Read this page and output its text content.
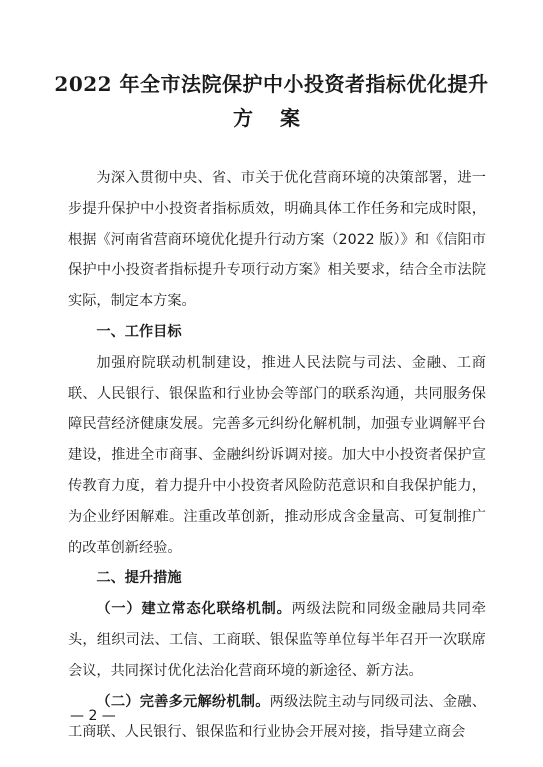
2022 年全市法院保护中小投资者指标优化提升
方 案

为深入贯彻中央、省、市关于优化营商环境的决策部署，进一步提升保护中小投资者指标质效，明确具体工作任务和完成时限，根据《河南省营商环境优化提升行动方案（2022 版）》和《信阳市保护中小投资者指标提升专项行动方案》相关要求，结合全市法院实际，制定本方案。

一、工作目标

加强府院联动机制建设，推进人民法院与司法、金融、工商联、人民银行、银保监和行业协会等部门的联系沟通，共同服务保障民营经济健康发展。完善多元纠纷化解机制，加强专业调解平台建设，推进全市商事、金融纠纷诉调对接。加大中小投资者保护宣传教育力度，着力提升中小投资者风险防范意识和自我保护能力，为企业纾困解难。注重改革创新，推动形成含金量高、可复制推广的改革创新经验。

二、提升措施

（一）建立常态化联络机制。两级法院和同级金融局共同牵头，组织司法、工信、工商联、银保监等单位每半年召开一次联席会议，共同探讨优化法治化营商环境的新途径、新方法。

（二）完善多元解纷机制。两级法院主动与同级司法、金融、工商联、人民银行、银保监和行业协会开展对接，指导建立商会

— 2 —
